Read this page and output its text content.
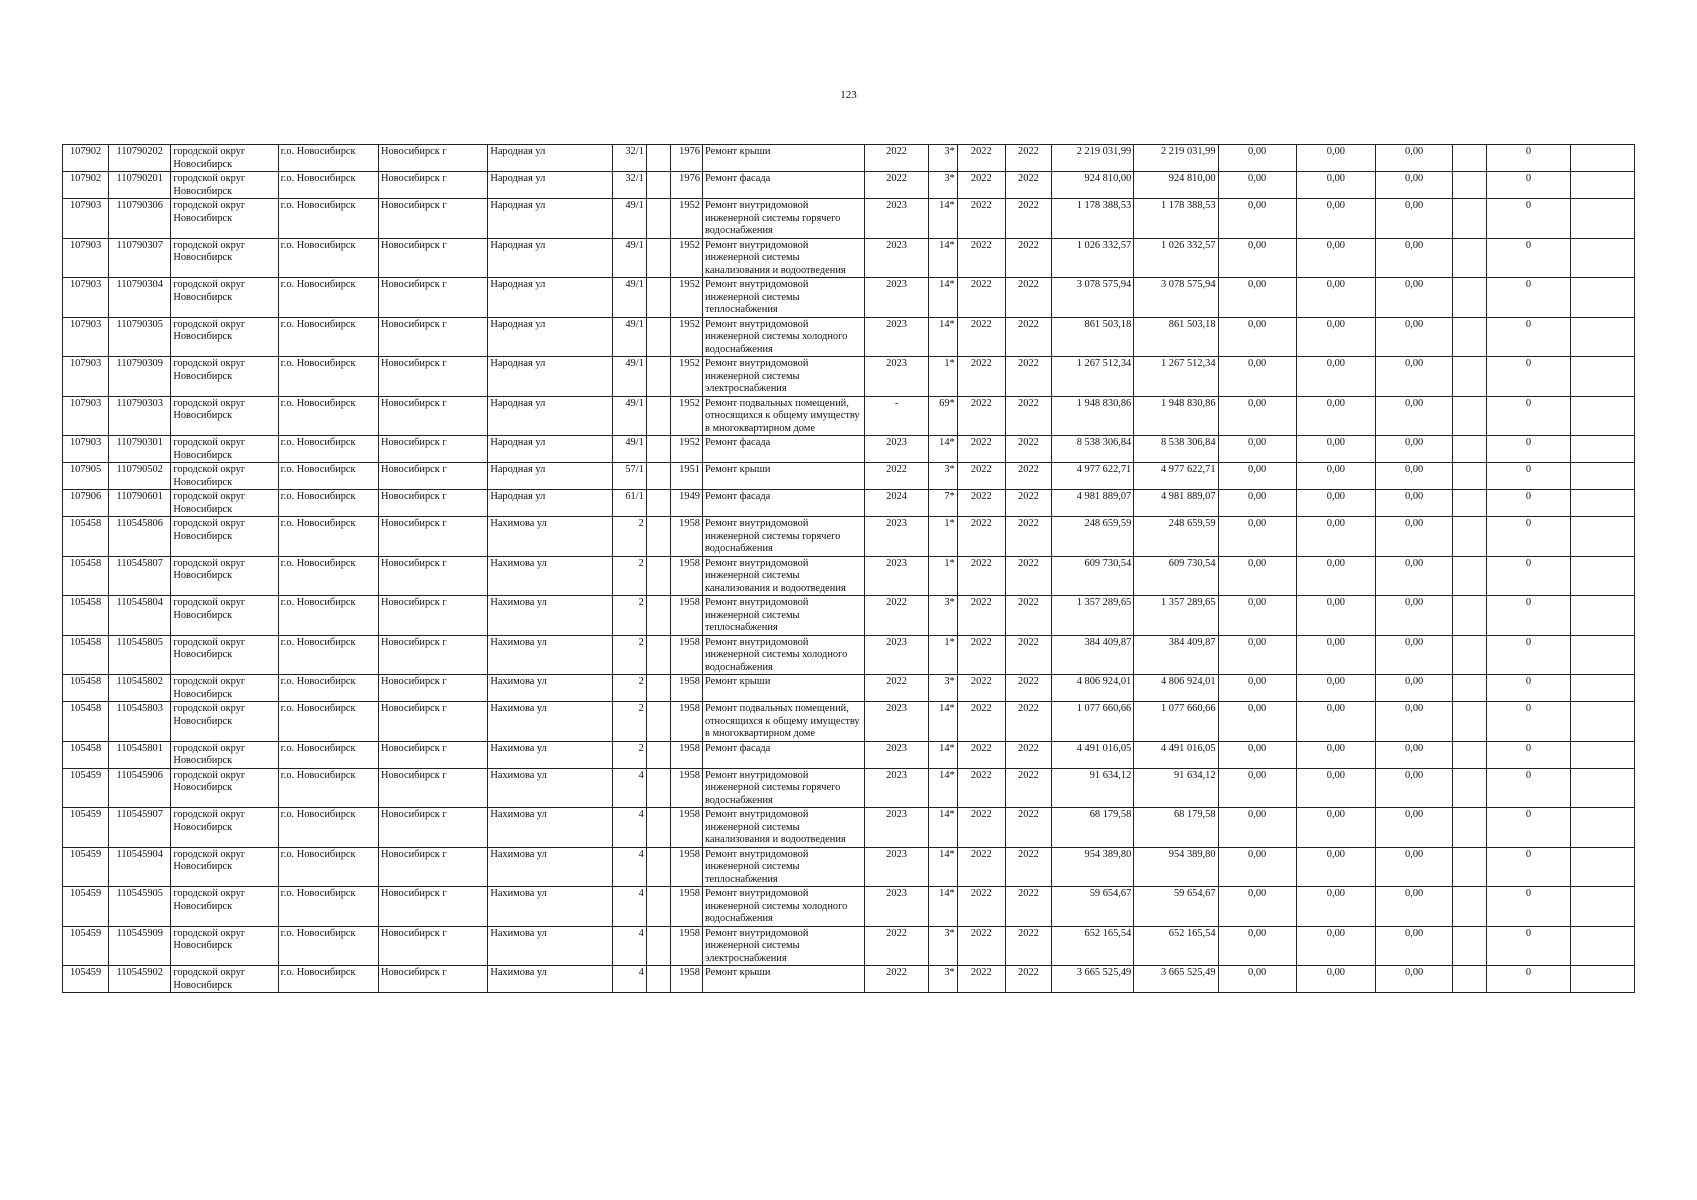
123
107902	110790202	городской округ Новосибирск	г.о. Новосибирск	Новосибирск г	Народная ул	32/1		1976	Ремонт крыши	2022	3*	2022	2022	2 219 031,99	2 219 031,99	0,00	0,00	0,00		0	
107902	110790201	городской округ Новосибирск	г.о. Новосибирск	Новосибирск г	Народная ул	32/1		1976	Ремонт фасада	2022	3*	2022	2022	924 810,00	924 810,00	0,00	0,00	0,00		0	
107903	110790306	городской округ Новосибирск	г.о. Новосибирск	Новосибирск г	Народная ул	49/1		1952	Ремонт внутридомовой инженерной системы горячего водоснабжения	2023	14*	2022	2022	1 178 388,53	1 178 388,53	0,00	0,00	0,00		0	
107903	110790307	городской округ Новосибирск	г.о. Новосибирск	Новосибирск г	Народная ул	49/1		1952	Ремонт внутридомовой инженерной системы канализования и водоотведения	2023	14*	2022	2022	1 026 332,57	1 026 332,57	0,00	0,00	0,00		0	
107903	110790304	городской округ Новосибирск	г.о. Новосибирск	Новосибирск г	Народная ул	49/1		1952	Ремонт внутридомовой инженерной системы теплоснабжения	2023	14*	2022	2022	3 078 575,94	3 078 575,94	0,00	0,00	0,00		0	
107903	110790305	городской округ Новосибирск	г.о. Новосибирск	Новосибирск г	Народная ул	49/1		1952	Ремонт внутридомовой инженерной системы холодного водоснабжения	2023	14*	2022	2022	861 503,18	861 503,18	0,00	0,00	0,00		0	
107903	110790309	городской округ Новосибирск	г.о. Новосибирск	Новосибирск г	Народная ул	49/1		1952	Ремонт внутридомовой инженерной системы электроснабжения	2023	1*	2022	2022	1 267 512,34	1 267 512,34	0,00	0,00	0,00		0	
107903	110790303	городской округ Новосибирск	г.о. Новосибирск	Новосибирск г	Народная ул	49/1		1952	Ремонт подвальных помещений, относящихся к общему имуществу в многоквартирном доме	-	69*	2022	2022	1 948 830,86	1 948 830,86	0,00	0,00	0,00		0	
107903	110790301	городской округ Новосибирск	г.о. Новосибирск	Новосибирск г	Народная ул	49/1		1952	Ремонт фасада	2023	14*	2022	2022	8 538 306,84	8 538 306,84	0,00	0,00	0,00		0	
107905	110790502	городской округ Новосибирск	г.о. Новосибирск	Новосибирск г	Народная ул	57/1		1951	Ремонт крыши	2022	3*	2022	2022	4 977 622,71	4 977 622,71	0,00	0,00	0,00		0	
107906	110790601	городской округ Новосибирск	г.о. Новосибирск	Новосибирск г	Народная ул	61/1		1949	Ремонт фасада	2024	7*	2022	2022	4 981 889,07	4 981 889,07	0,00	0,00	0,00		0	
105458	110545806	городской округ Новосибирск	г.о. Новосибирск	Новосибирск г	Нахимова ул	2		1958	Ремонт внутридомовой инженерной системы горячего водоснабжения	2023	1*	2022	2022	248 659,59	248 659,59	0,00	0,00	0,00		0	
105458	110545807	городской округ Новосибирск	г.о. Новосибирск	Новосибирск г	Нахимова ул	2		1958	Ремонт внутридомовой инженерной системы канализования и водоотведения	2023	1*	2022	2022	609 730,54	609 730,54	0,00	0,00	0,00		0	
105458	110545804	городской округ Новосибирск	г.о. Новосибирск	Новосибирск г	Нахимова ул	2		1958	Ремонт внутридомовой инженерной системы теплоснабжения	2022	3*	2022	2022	1 357 289,65	1 357 289,65	0,00	0,00	0,00		0	
105458	110545805	городской округ Новосибирск	г.о. Новосибирск	Новосибирск г	Нахимова ул	2		1958	Ремонт внутридомовой инженерной системы холодного водоснабжения	2023	1*	2022	2022	384 409,87	384 409,87	0,00	0,00	0,00		0	
105458	110545802	городской округ Новосибирск	г.о. Новосибирск	Новосибирск г	Нахимова ул	2		1958	Ремонт крыши	2022	3*	2022	2022	4 806 924,01	4 806 924,01	0,00	0,00	0,00		0	
105458	110545803	городской округ Новосибирск	г.о. Новосибирск	Новосибирск г	Нахимова ул	2		1958	Ремонт подвальных помещений, относящихся к общему имуществу в многоквартирном доме	2023	14*	2022	2022	1 077 660,66	1 077 660,66	0,00	0,00	0,00		0	
105458	110545801	городской округ Новосибирск	г.о. Новосибирск	Новосибирск г	Нахимова ул	2		1958	Ремонт фасада	2023	14*	2022	2022	4 491 016,05	4 491 016,05	0,00	0,00	0,00		0	
105459	110545906	городской округ Новосибирск	г.о. Новосибирск	Новосибирск г	Нахимова ул	4		1958	Ремонт внутридомовой инженерной системы горячего водоснабжения	2023	14*	2022	2022	91 634,12	91 634,12	0,00	0,00	0,00		0	
105459	110545907	городской округ Новосибирск	г.о. Новосибирск	Новосибирск г	Нахимова ул	4		1958	Ремонт внутридомовой инженерной системы канализования и водоотведения	2023	14*	2022	2022	68 179,58	68 179,58	0,00	0,00	0,00		0	
105459	110545904	городской округ Новосибирск	г.о. Новосибирск	Новосибирск г	Нахимова ул	4		1958	Ремонт внутридомовой инженерной системы теплоснабжения	2023	14*	2022	2022	954 389,80	954 389,80	0,00	0,00	0,00		0	
105459	110545905	городской округ Новосибирск	г.о. Новосибирск	Новосибирск г	Нахимова ул	4		1958	Ремонт внутридомовой инженерной системы холодного водоснабжения	2023	14*	2022	2022	59 654,67	59 654,67	0,00	0,00	0,00		0	
105459	110545909	городской округ Новосибирск	г.о. Новосибирск	Новосибирск г	Нахимова ул	4		1958	Ремонт внутридомовой инженерной системы электроснабжения	2022	3*	2022	2022	652 165,54	652 165,54	0,00	0,00	0,00		0	
105459	110545902	городской округ Новосибирск	г.о. Новосибирск	Новосибирск г	Нахимова ул	4		1958	Ремонт крыши	2022	3*	2022	2022	3 665 525,49	3 665 525,49	0,00	0,00	0,00		0	
